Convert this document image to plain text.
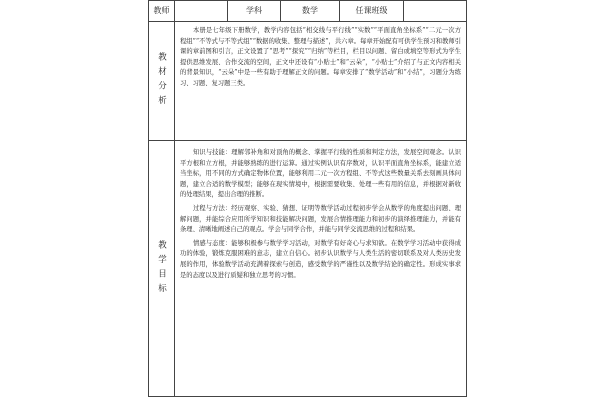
教师		学科	数学	任课班级	

教材分析	本册是七年级下册数学，教学内容包括“相交线与平行线”“实数”“平面直角坐标系”“二元一次方程组”“不等式与不等式组”“数据的收集、整理与描述”，共六章。每章开始配有可供学生预习和教师引课的章前图和引言，正文设置了“思考”“探究”“归纳”等栏目，栏目以问题、留白或填空等形式为学生提供思维发展、合作交流的空间，正文中还设有“小贴士”和“云朵”，“小贴士”介绍了与正文内容相关的背景知识，“云朵”中是一些有助于理解正文的问题。每章安排了“数学活动”和“小结”，习题分为练习、习题、复习题三类。				

教学目标	知识与技能：理解邻补角和对顶角的概念、掌握平行线的性质和判定方法，发展空间观念。认识平方根和立方根，并能够熟练的进行运算。通过实例认识有序数对，认识平面直角坐标系，能建立适当坐标，用不同的方式确定物体位置，能够利用二元一次方程组、不等式这些数量关系去刻画具体问题，建立合适的数学模型；能够在现实情境中，根据需要收集、处理一些有用的信息，并根据对新收的处理结果，提出合理的推断。

过程与方法：经历观察、实验、猜想、证明等数学活动过程初步学会从数学的角度提出问题、理解问题，并能综合应用所学知识和技能解决问题，发展合情推理能力和初步的演绎推理能力，并能有条理、清晰地阐述自己的观点。学会与同学合作，并能与同学交流思维的过程和结果。

情感与态度：能够积极参与数学学习活动，对数学有好奇心与求知欲。在数学学习活动中获得成功的体验，锻炼克服困难的意志，建立自信心。初步认识数学与人类生活的密切联系及对人类历史发展的作用，体验数学活动充满着探索与创造，感受数学的严谨性以及数学结论的确定性。形成实事求是的态度以及进行质疑和独立思考的习惯。				
